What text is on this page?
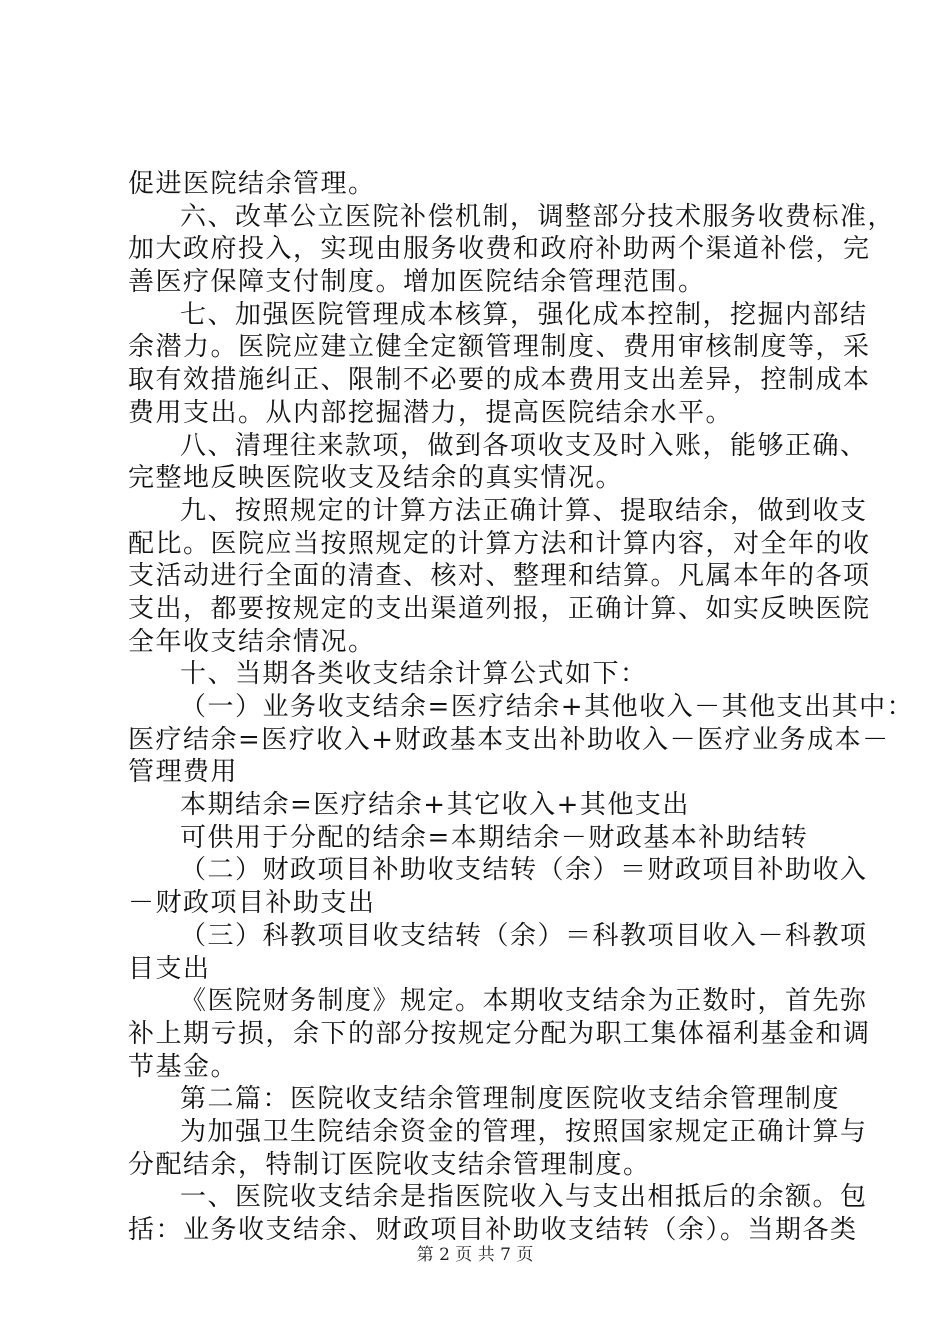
促进医院结余管理。
六、改革公立医院补偿机制，调整部分技术服务收费标准，
加大政府投入，实现由服务收费和政府补助两个渠道补偿，完
善医疗保障支付制度。增加医院结余管理范围。
七、加强医院管理成本核算，强化成本控制，挖掘内部结
余潜力。医院应建立健全定额管理制度、费用审核制度等，采
取有效措施纠正、限制不必要的成本费用支出差异，控制成本
费用支出。从内部挖掘潜力，提高医院结余水平。
八、清理往来款项，做到各项收支及时入账，能够正确、
完整地反映医院收支及结余的真实情况。
九、按照规定的计算方法正确计算、提取结余，做到收支
配比。医院应当按照规定的计算方法和计算内容，对全年的收
支活动进行全面的清查、核对、整理和结算。凡属本年的各项
支出，都要按规定的支出渠道列报，正确计算、如实反映医院
全年收支结余情况。
十、当期各类收支结余计算公式如下：
（一）业务收支结余=医疗结余+其他收入－其他支出其中：
医疗结余=医疗收入+财政基本支出补助收入－医疗业务成本－
管理费用
本期结余=医疗结余+其它收入+其他支出
可供用于分配的结余=本期结余－财政基本补助结转
（二）财政项目补助收支结转（余）＝财政项目补助收入
－财政项目补助支出
（三）科教项目收支结转（余）＝科教项目收入－科教项
目支出
《医院财务制度》规定。本期收支结余为正数时，首先弥
补上期亏损，余下的部分按规定分配为职工集体福利基金和调
节基金。
第二篇：医院收支结余管理制度医院收支结余管理制度
为加强卫生院结余资金的管理，按照国家规定正确计算与
分配结余，特制订医院收支结余管理制度。
一、医院收支结余是指医院收入与支出相抵后的余额。包
括：业务收支结余、财政项目补助收支结转（余）。当期各类
第 2 页 共 7 页
